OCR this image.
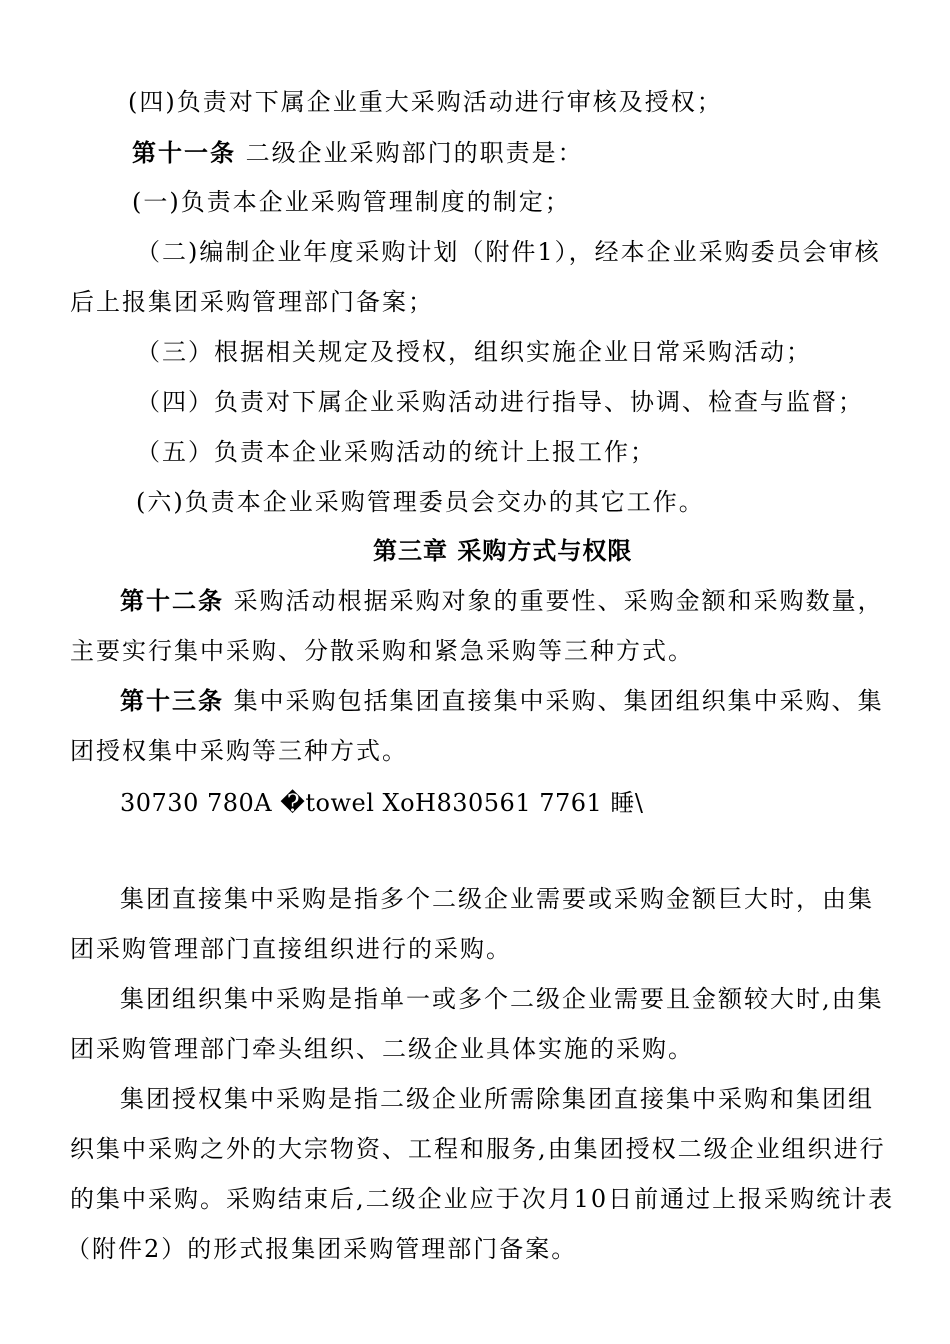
(四)负责对下属企业重大采购活动进行审核及授权；
第十一条 二级企业采购部门的职责是：
(一)负责本企业采购管理制度的制定；
（二)编制企业年度采购计划（附件1），经本企业采购委员会审核
后上报集团采购管理部门备案；
（三）根据相关规定及授权，组织实施企业日常采购活动；
（四）负责对下属企业采购活动进行指导、协调、检查与监督；
（五）负责本企业采购活动的统计上报工作；
(六)负责本企业采购管理委员会交办的其它工作。
第三章 采购方式与权限
第十二条 采购活动根据采购对象的重要性、采购金额和采购数量，
主要实行集中采购、分散采购和紧急采购等三种方式。
第十三条 集中采购包括集团直接集中采购、集团组织集中采购、集
团授权集中采购等三种方式。
30730 780A �towel XoH830561 7761 睡\
集团直接集中采购是指多个二级企业需要或采购金额巨大时，由集
团采购管理部门直接组织进行的采购。
集团组织集中采购是指单一或多个二级企业需要且金额较大时,由集
团采购管理部门牵头组织、二级企业具体实施的采购。
集团授权集中采购是指二级企业所需除集团直接集中采购和集团组
织集中采购之外的大宗物资、工程和服务,由集团授权二级企业组织进行
的集中采购。采购结束后,二级企业应于次月10日前通过上报采购统计表
（附件2）的形式报集团采购管理部门备案。
